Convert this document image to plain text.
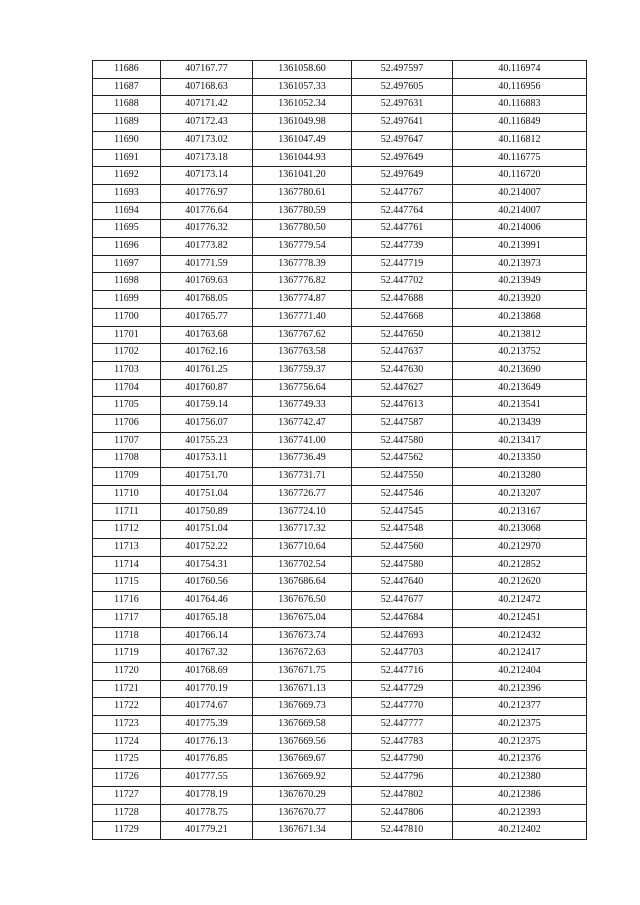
11686	407167.77	1361058.60	52.497597	40.116974
11687	407168.63	1361057.33	52.497605	40.116956
11688	407171.42	1361052.34	52.497631	40.116883
11689	407172.43	1361049.98	52.497641	40.116849
11690	407173.02	1361047.49	52.497647	40.116812
11691	407173.18	1361044.93	52.497649	40.116775
11692	407173.14	1361041.20	52.497649	40.116720
11693	401776.97	1367780.61	52.447767	40.214007
11694	401776.64	1367780.59	52.447764	40.214007
11695	401776.32	1367780.50	52.447761	40.214006
11696	401773.82	1367779.54	52.447739	40.213991
11697	401771.59	1367778.39	52.447719	40.213973
11698	401769.63	1367776.82	52.447702	40.213949
11699	401768.05	1367774.87	52.447688	40.213920
11700	401765.77	1367771.40	52.447668	40.213868
11701	401763.68	1367767.62	52.447650	40.213812
11702	401762.16	1367763.58	52.447637	40.213752
11703	401761.25	1367759.37	52.447630	40.213690
11704	401760.87	1367756.64	52.447627	40.213649
11705	401759.14	1367749.33	52.447613	40.213541
11706	401756.07	1367742.47	52.447587	40.213439
11707	401755.23	1367741.00	52.447580	40.213417
11708	401753.11	1367736.49	52.447562	40.213350
11709	401751.70	1367731.71	52.447550	40.213280
11710	401751.04	1367726.77	52.447546	40.213207
11711	401750.89	1367724.10	52.447545	40.213167
11712	401751.04	1367717.32	52.447548	40.213068
11713	401752.22	1367710.64	52.447560	40.212970
11714	401754.31	1367702.54	52.447580	40.212852
11715	401760.56	1367686.64	52.447640	40.212620
11716	401764.46	1367676.50	52.447677	40.212472
11717	401765.18	1367675.04	52.447684	40.212451
11718	401766.14	1367673.74	52.447693	40.212432
11719	401767.32	1367672.63	52.447703	40.212417
11720	401768.69	1367671.75	52.447716	40.212404
11721	401770.19	1367671.13	52.447729	40.212396
11722	401774.67	1367669.73	52.447770	40.212377
11723	401775.39	1367669.58	52.447777	40.212375
11724	401776.13	1367669.56	52.447783	40.212375
11725	401776.85	1367669.67	52.447790	40.212376
11726	401777.55	1367669.92	52.447796	40.212380
11727	401778.19	1367670.29	52.447802	40.212386
11728	401778.75	1367670.77	52.447806	40.212393
11729	401779.21	1367671.34	52.447810	40.212402
